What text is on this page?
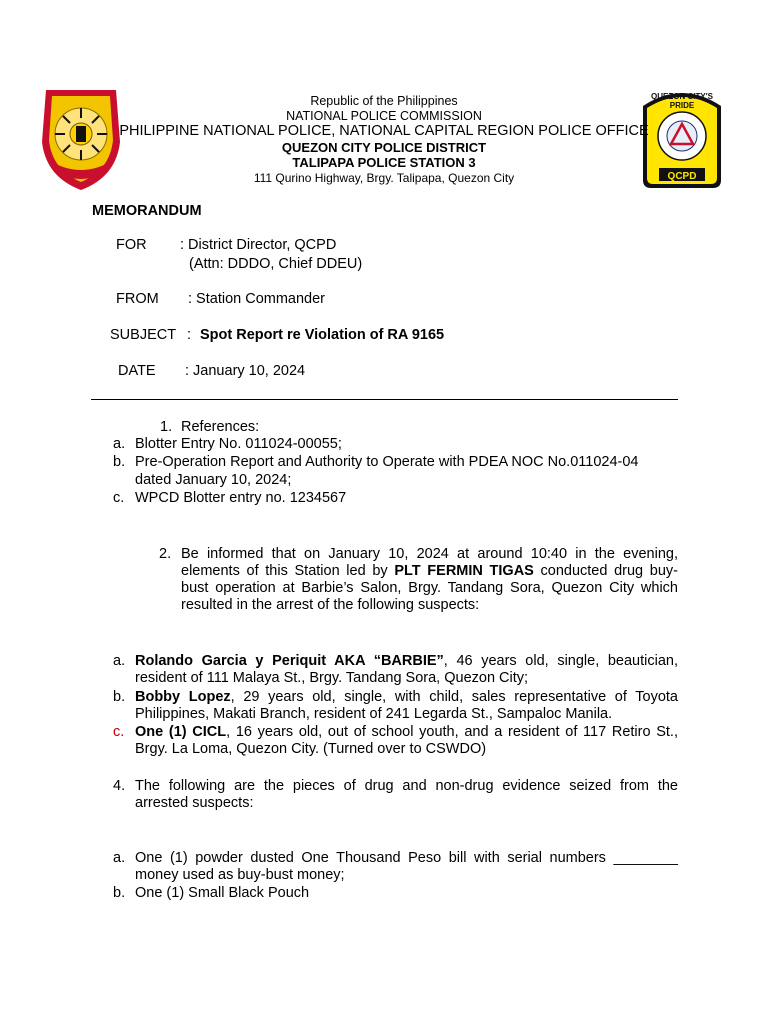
QUEZON CITY'S
PRIDE
QCPD
Republic of the Philippines
NATIONAL POLICE COMMISSION
PHILIPPINE NATIONAL POLICE, NATIONAL CAPITAL REGION POLICE OFFICE
QUEZON CITY POLICE DISTRICT
TALIPAPA POLICE STATION 3
111 Qurino Highway, Brgy. Talipapa, Quezon City
MEMORANDUM
FOR : District Director, QCPD
(Attn: DDDO, Chief DDEU)
FROM : Station Commander
SUBJECT : Spot Report re Violation of RA 9165
DATE : January 10, 2024
1. References:
a. Blotter Entry No. 011024-00055;
b. Pre-Operation Report and Authority to Operate with PDEA NOC No.011024-04
dated January 10, 2024;
c. WPCD Blotter entry no. 1234567
2. Be informed that on January 10, 2024 at around 10:40 in the evening,
elements of this Station led by PLT FERMIN TIGAS conducted drug buy-
bust operation at Barbie’s Salon, Brgy. Tandang Sora, Quezon City which
resulted in the arrest of the following suspects:
a. Rolando Garcia y Periquit AKA “BARBIE”, 46 years old, single, beautician,
resident of 111 Malaya St., Brgy. Tandang Sora, Quezon City;
b. Bobby Lopez, 29 years old, single, with child, sales representative of Toyota
Philippines, Makati Branch, resident of 241 Legarda St., Sampaloc Manila.
c. One (1) CICL, 16 years old, out of school youth, and a resident of 117 Retiro St.,
Brgy. La Loma, Quezon City. (Turned over to CSWDO)
4. The following are the pieces of drug and non-drug evidence seized from the
arrested suspects:
a. One (1) powder dusted One Thousand Peso bill with serial numbers ________
money used as buy-bust money;
b. One (1) Small Black Pouch
